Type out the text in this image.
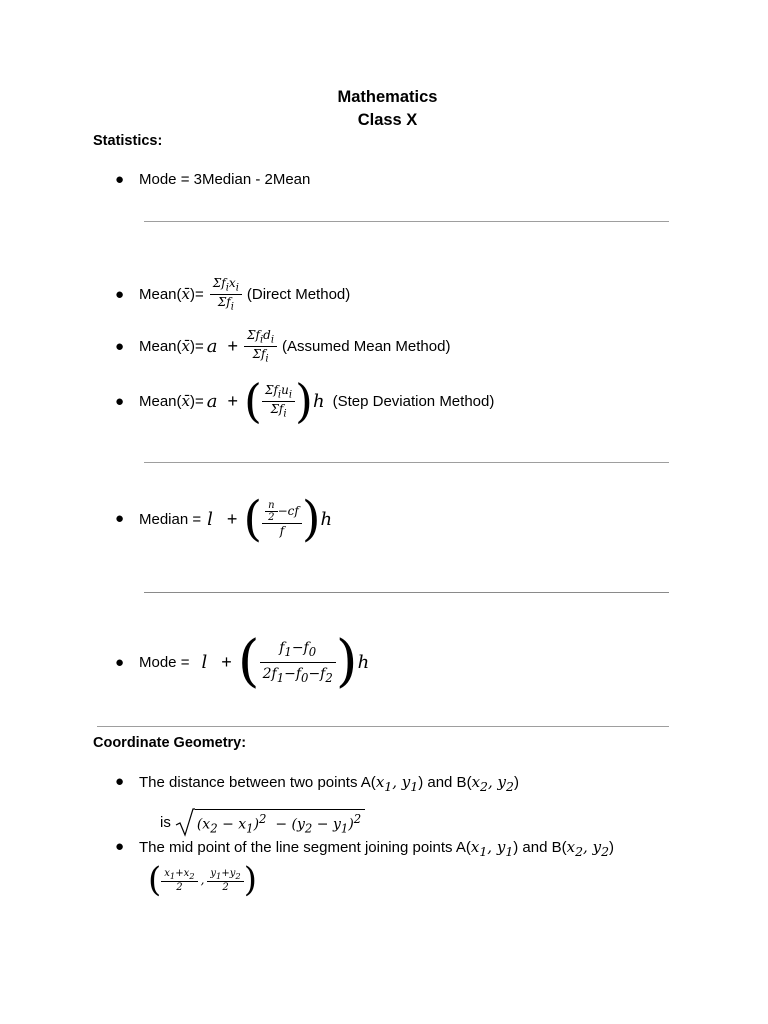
Mathematics
Class X
Statistics:
● Mode = 3Median - 2Mean
● Mean( x̄ )= $\frac{\Sigma f_ix_i}{\Sigma f_i}$ (Direct Method)
● Mean( x̄ )= $a + \frac{\Sigma f_id_i}{\Sigma f_i}$ (Assumed Mean Method)
● Mean( x̄ )= a + ( $\frac{\Sigma f_iu_i}{\Sigma f_i}$ ) h (Step Deviation Method)
● Median = l + ( $\frac{\frac{n}{2} -cf}{f}$ ) h
● Mode = l + ( $\frac{f_1-f_0}{2f_1-f_0-f_2}$ ) h
Coordinate Geometry:
● The distance between two points $A(x_1$, $y_1$) and $B(x_2$, $y_2$)
is $(x_2 - x_1)^2 - (y_2 - y_1)^2$
● The mid point of the line segment joining points $A(x_1$, $y_1$) and $B(x_2$, $y_2$)
( $\frac{x_1+x_2}{2}$ , $\frac{y_1+y_2}{2}$ )
